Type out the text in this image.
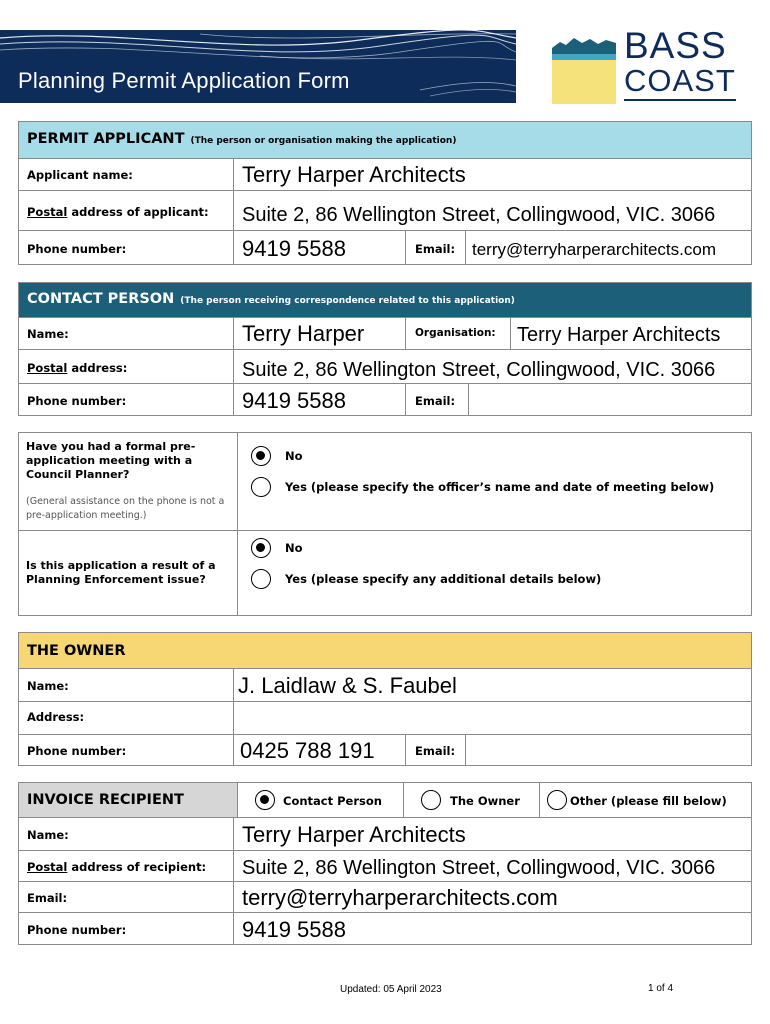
Planning Permit Application Form
BASS
COAST
PERMIT APPLICANT (The person or organisation making the application)
Applicant name:	Terry Harper Architects
Postal address of applicant: Suite 2, 86 Wellington Street, Collingwood, VIC. 3066
Phone number:	9419 5588	Email: terry@terryharperarchitects.com
CONTACT PERSON (The person receiving correspondence related to this application)
Name:	Terry Harper	Organisation: Terry Harper Architects
Postal address:	Suite 2, 86 Wellington Street, Collingwood, VIC. 3066
Phone number:	9419 5588	Email:
Have you had a formal pre-application meeting with a Council Planner?
(General assistance on the phone is not a pre-application meeting.)
No
Yes (please specify the officer’s name and date of meeting below)
Is this application a result of a Planning Enforcement issue?
No
Yes (please specify any additional details below)
THE OWNER
Name:	J. Laidlaw & S. Faubel
Address:
Phone number:	0425 788 191	Email:
INVOICE RECIPIENT	Contact Person	The Owner	Other (please fill below)
Name:	Terry Harper Architects
Postal address of recipient: Suite 2, 86 Wellington Street, Collingwood, VIC. 3066
Email:	terry@terryharperarchitects.com
Phone number:	9419 5588
Updated: 05 April 2023	1 of 4
